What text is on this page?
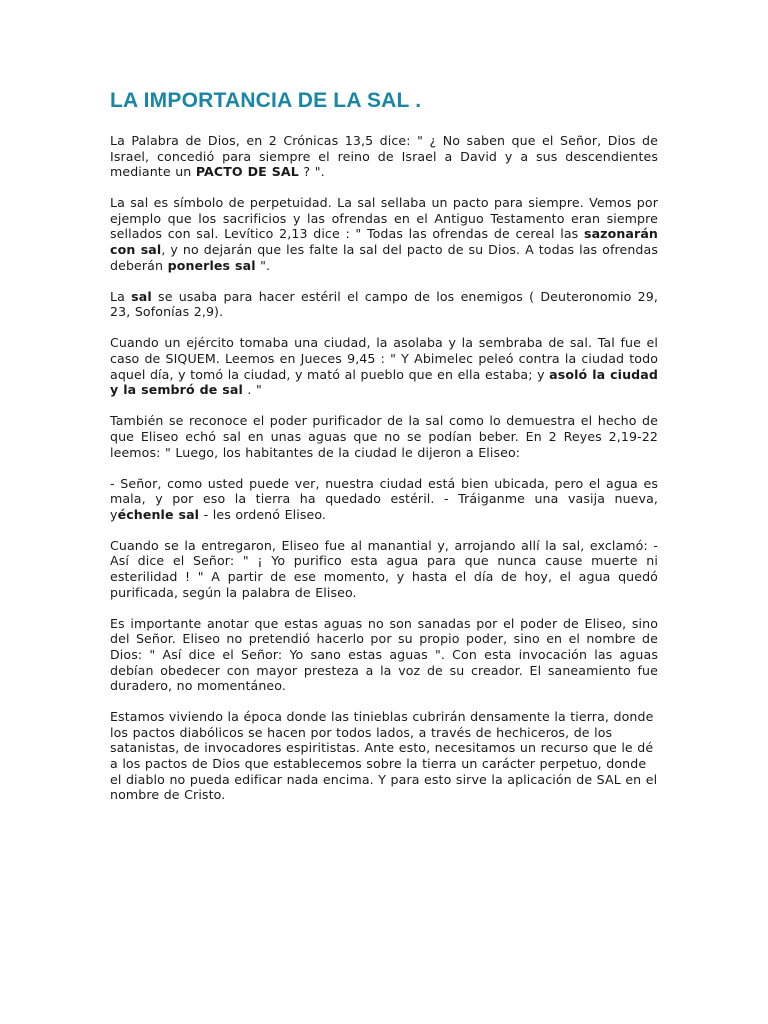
LA IMPORTANCIA DE LA SAL .

La Palabra de Dios, en 2 Crónicas 13,5 dice: " ¿ No saben que el Señor, Dios de Israel, concedió para siempre el reino de Israel a David y a sus descendientes mediante un PACTO DE SAL ? ".

La sal es símbolo de perpetuidad. La sal sellaba un pacto para siempre. Vemos por ejemplo que los sacrificios y las ofrendas en el Antiguo Testamento eran siempre sellados con sal. Levítico 2,13 dice : " Todas las ofrendas de cereal las sazonarán con sal, y no dejarán que les falte la sal del pacto de su Dios. A todas las ofrendas deberán ponerles sal ".

La sal se usaba para hacer estéril el campo de los enemigos ( Deuteronomio 29, 23, Sofonías 2,9).

Cuando un ejército tomaba una ciudad, la asolaba y la sembraba de sal. Tal fue el caso de SIQUEM. Leemos en Jueces 9,45 : " Y Abimelec peleó contra la ciudad todo aquel día, y tomó la ciudad, y mató al pueblo que en ella estaba; y asoló la ciudad y la sembró de sal . "

También se reconoce el poder purificador de la sal como lo demuestra el hecho de que Eliseo echó sal en unas aguas que no se podían beber. En 2 Reyes 2,19-22 leemos: " Luego, los habitantes de la ciudad le dijeron a Eliseo:

- Señor, como usted puede ver, nuestra ciudad está bien ubicada, pero el agua es mala, y por eso la tierra ha quedado estéril. - Tráiganme una vasija nueva, yéchenle sal - les ordenó Eliseo.

Cuando se la entregaron, Eliseo fue al manantial y, arrojando allí la sal, exclamó: - Así dice el Señor: " ¡ Yo purifico esta agua para que nunca cause muerte ni esterilidad ! " A partir de ese momento, y hasta el día de hoy, el agua quedó purificada, según la palabra de Eliseo.

Es importante anotar que estas aguas no son sanadas por el poder de Eliseo, sino del Señor. Eliseo no pretendió hacerlo por su propio poder, sino en el nombre de Dios: " Así dice el Señor: Yo sano estas aguas ". Con esta invocación las aguas debían obedecer con mayor presteza a la voz de su creador. El saneamiento fue duradero, no momentáneo.

Estamos viviendo la época donde las tinieblas cubrirán densamente la tierra, donde los pactos diabólicos se hacen por todos lados, a través de hechiceros, de los satanistas, de invocadores espiritistas. Ante esto, necesitamos un recurso que le dé a los pactos de Dios que establecemos sobre la tierra un carácter perpetuo, donde el diablo no pueda edificar nada encima. Y para esto sirve la aplicación de SAL en el nombre de Cristo.
